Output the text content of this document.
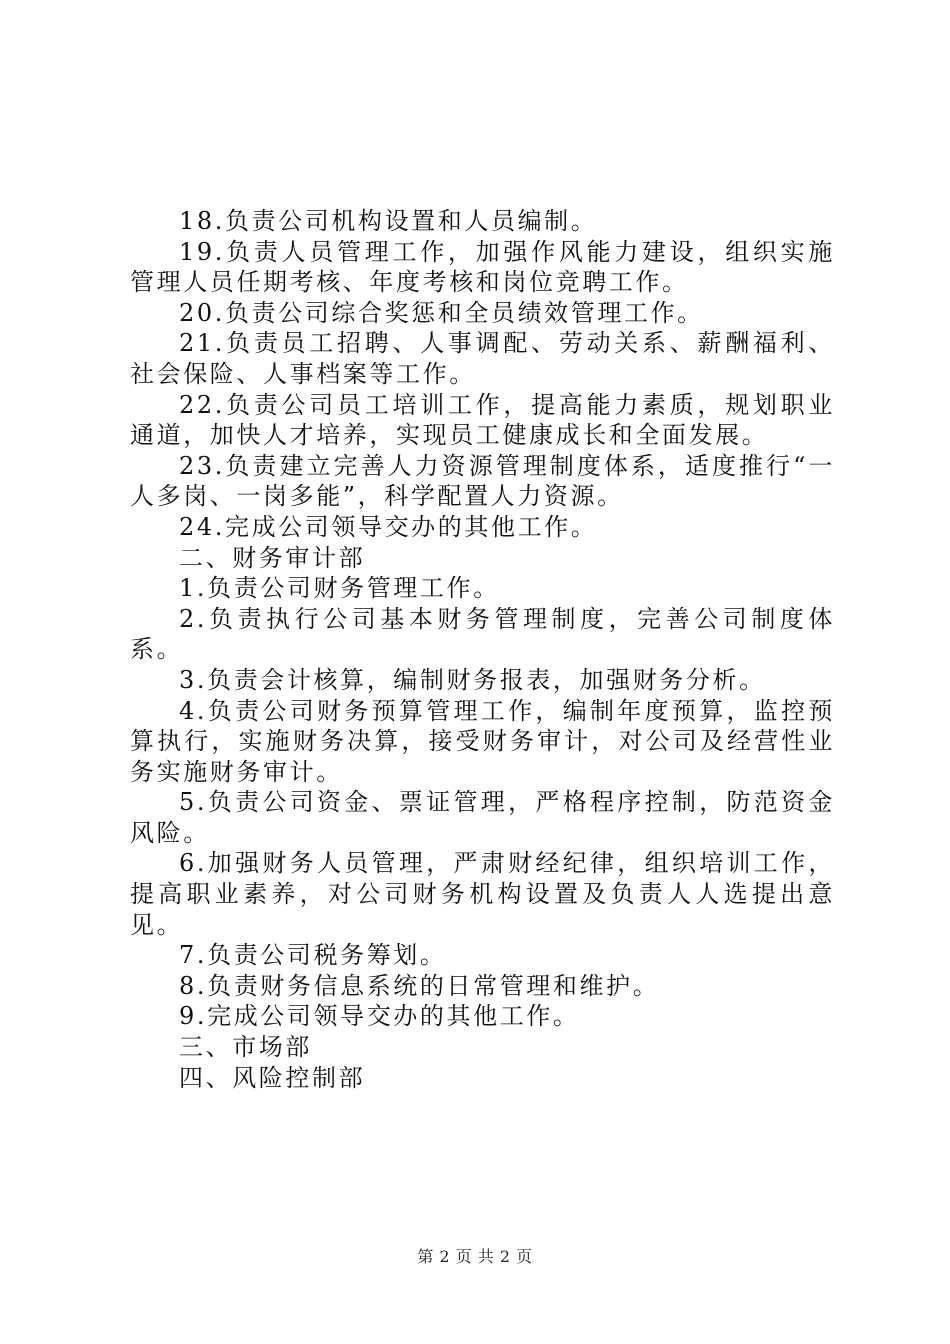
18.负责公司机构设置和人员编制。

19.负责人员管理工作，加强作风能力建设，组织实施管理人员任期考核、年度考核和岗位竞聘工作。

20.负责公司综合奖惩和全员绩效管理工作。

21.负责员工招聘、人事调配、劳动关系、薪酬福利、社会保险、人事档案等工作。

22.负责公司员工培训工作，提高能力素质，规划职业通道，加快人才培养，实现员工健康成长和全面发展。

23.负责建立完善人力资源管理制度体系，适度推行“一人多岗、一岗多能”，科学配置人力资源。

24.完成公司领导交办的其他工作。

二、财务审计部

1.负责公司财务管理工作。

2.负责执行公司基本财务管理制度，完善公司制度体系。

3.负责会计核算，编制财务报表，加强财务分析。

4.负责公司财务预算管理工作，编制年度预算，监控预算执行，实施财务决算，接受财务审计，对公司及经营性业务实施财务审计。

5.负责公司资金、票证管理，严格程序控制，防范资金风险。

6.加强财务人员管理，严肃财经纪律，组织培训工作，提高职业素养，对公司财务机构设置及负责人人选提出意见。

7.负责公司税务筹划。

8.负责财务信息系统的日常管理和维护。

9.完成公司领导交办的其他工作。

三、市场部

四、风险控制部

第 2 页 共 2 页
